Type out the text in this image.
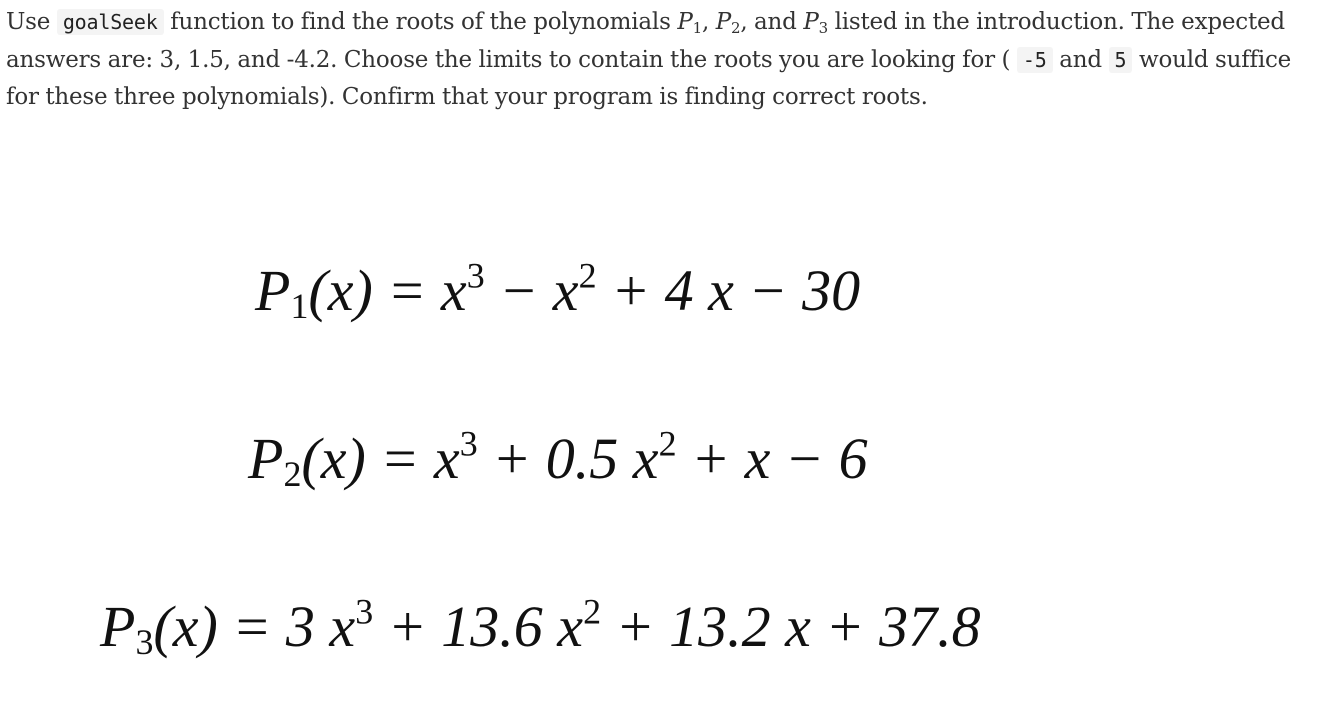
Use goalSeek function to find the roots of the polynomials $P_1$, $P_2$, and $P_3$ listed in the introduction. The expected answers are: 3, 1.5, and -4.2. Choose the limits to contain the roots you are looking for ( -5 and 5 would suffice for these three polynomials). Confirm that your program is finding correct roots.

$P_1(x) = x^3 - x^2 + 4$ x − 30
$P_2(x) = x^3 + 0.5$ $x^2 + x - 6$
$P_3(x) = 3$ $x^3 + 13.6$ $x^2 + 13.2$ x + 37.8
